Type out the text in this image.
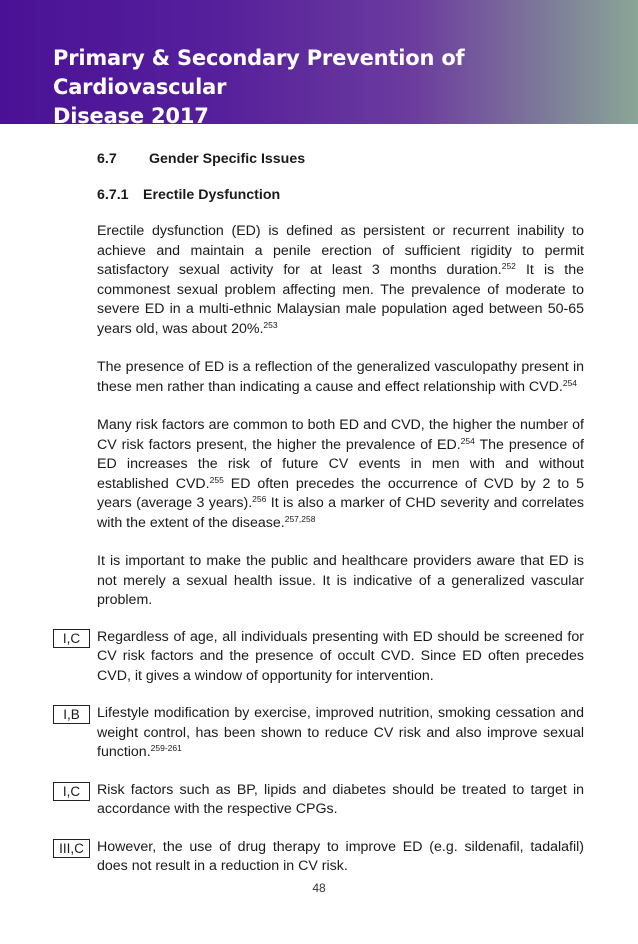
Primary & Secondary Prevention of Cardiovascular
Disease 2017
6.7 Gender Specific Issues
6.7.1 Erectile Dysfunction

Erectile dysfunction (ED) is defined as persistent or recurrent inability to achieve and maintain a penile erection of sufficient rigidity to permit satisfactory sexual activity for at least 3 months duration.$^{252}$ It is the commonest sexual problem affecting men. The prevalence of moderate to severe ED in a multi-ethnic Malaysian male population aged between 50-65 years old, was about 20%.$^{253}$

The presence of ED is a reflection of the generalized vasculopathy present in these men rather than indicating a cause and effect relationship with CVD.$^{254}$

Many risk factors are common to both ED and CVD, the higher the number of CV risk factors present, the higher the prevalence of ED.$^{254}$ The presence of ED increases the risk of future CV events in men with and without established CVD.$^{255}$ ED often precedes the occurrence of CVD by 2 to 5 years (average 3 years).$^{256}$ It is also a marker of CHD severity and correlates with the extent of the disease.$^{257,258}$

It is important to make the public and healthcare providers aware that ED is not merely a sexual health issue. It is indicative of a generalized vascular problem.

I,C	Regardless of age, all individuals presenting with ED should be screened for CV risk factors and the presence of occult CVD. Since ED often precedes CVD, it gives a window of opportunity for intervention.

I,B	Lifestyle modification by exercise, improved nutrition, smoking cessation and weight control, has been shown to reduce CV risk and also improve sexual function.$^{259-261}$

I,C	Risk factors such as BP, lipids and diabetes should be treated to target in accordance with the respective CPGs.

III,C However, the use of drug therapy to improve ED (e.g. sildenafil, tadalafil) does not result in a reduction in CV risk.

48
